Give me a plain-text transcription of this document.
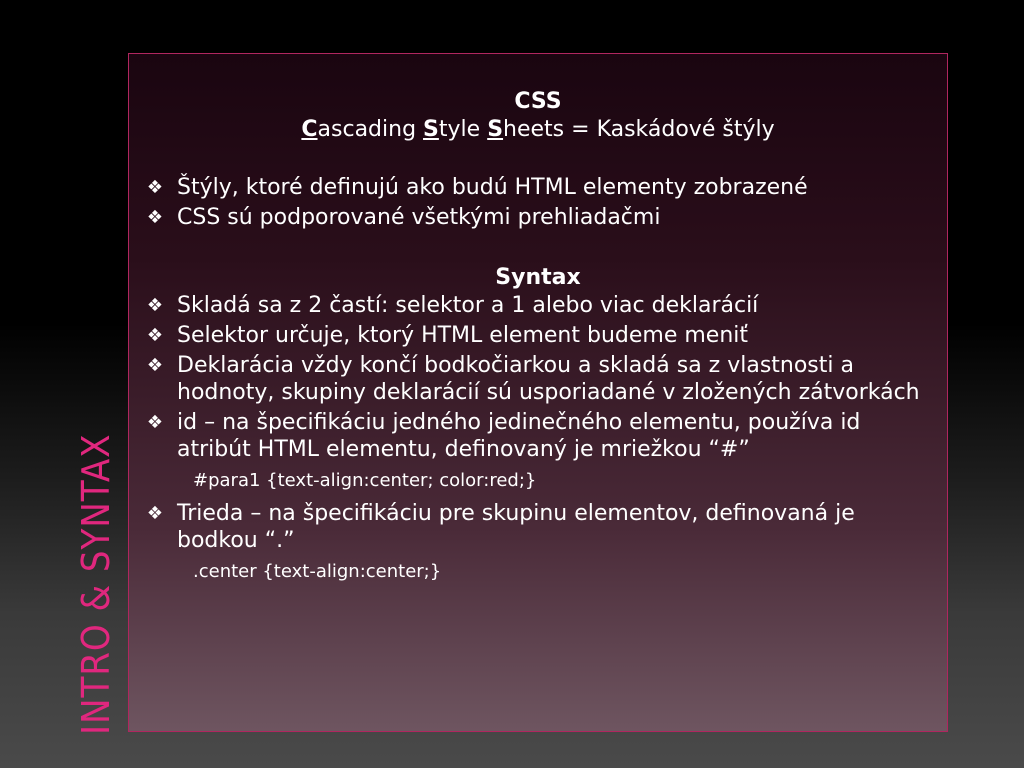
INTRO & SYNTAX
CSS
Cascading Style Sheets = Kaskádové štýly
❖ Štýly, ktoré definujú ako budú HTML elementy zobrazené
❖ CSS sú podporované všetkými prehliadačmi
Syntax
❖ Skladá sa z 2 častí: selektor a 1 alebo viac deklarácií
❖ Selektor určuje, ktorý HTML element budeme meniť
❖ Deklarácia vždy končí bodkočiarkou a skladá sa z vlastnosti a hodnoty, skupiny deklarácií sú usporiadané v zložených zátvorkách
❖ id – na špecifikáciu jedného jedinečného elementu, používa id atribút HTML elementu, definovaný je mriežkou “#”
#para1 {text-align:center; color:red;}
❖ Trieda – na špecifikáciu pre skupinu elementov, definovaná je bodkou “.”
.center {text-align:center;}
